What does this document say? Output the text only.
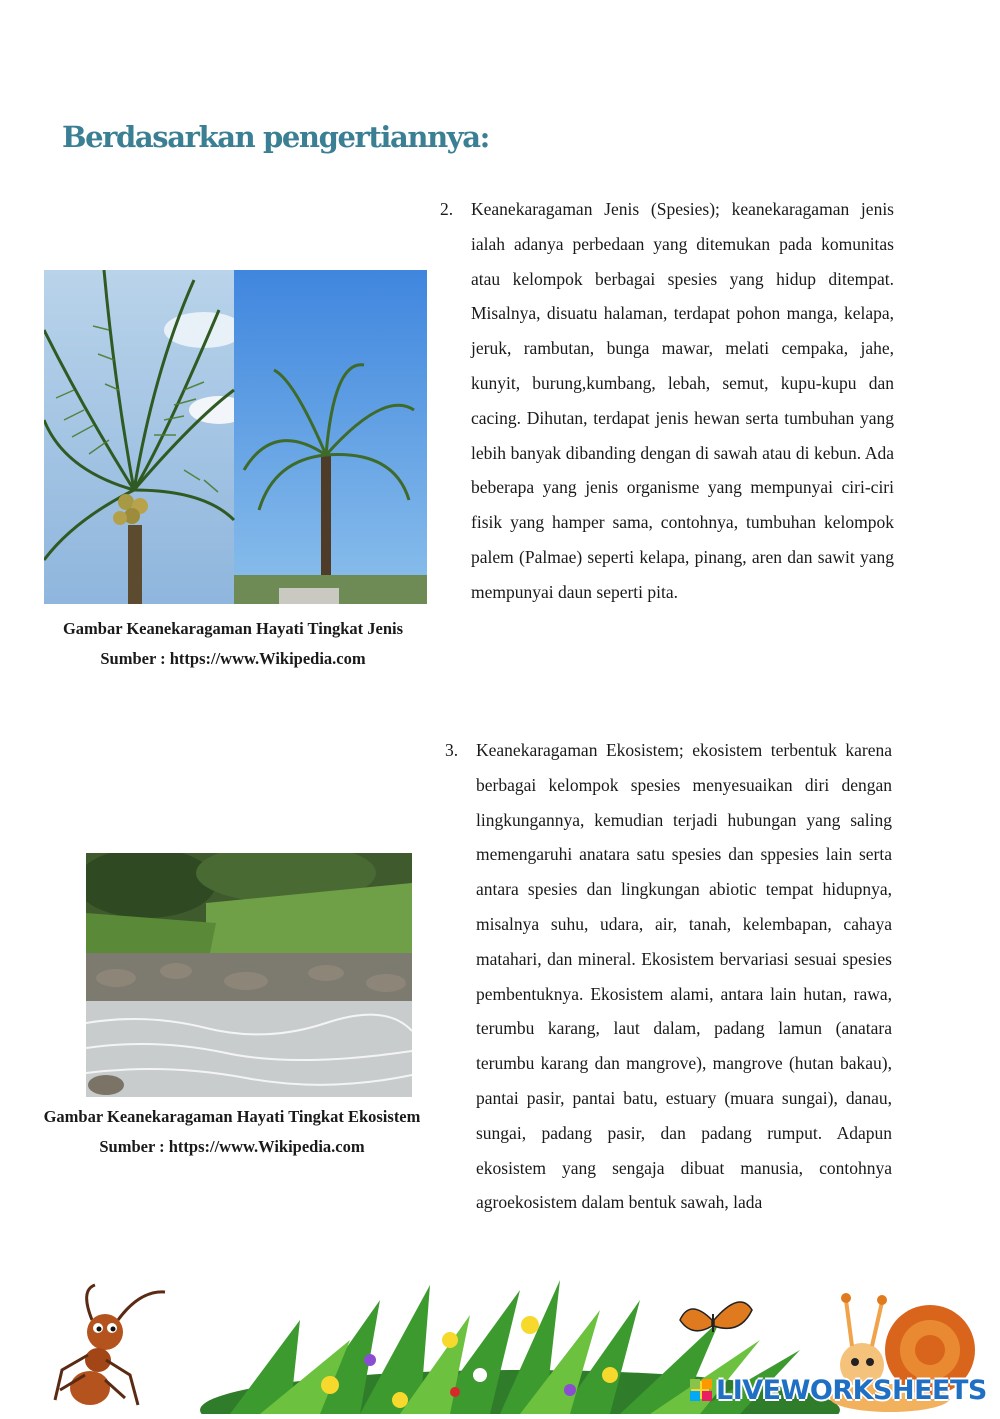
Berdasarkan pengertiannya:
2. Keanekaragaman Jenis (Spesies); keanekaragaman jenis ialah adanya perbedaan yang ditemukan pada komunitas atau kelompok berbagai spesies yang hidup ditempat. Misalnya, disuatu halaman, terdapat pohon manga, kelapa, jeruk, rambutan, bunga mawar, melati cempaka, jahe, kunyit, burung,kumbang, lebah, semut, kupu-kupu dan cacing. Dihutan, terdapat jenis hewan serta tumbuhan yang lebih banyak dibanding dengan di sawah atau di kebun. Ada beberapa yang jenis organisme yang mempunyai ciri-ciri fisik yang hamper sama, contohnya, tumbuhan kelompok palem (Palmae) seperti kelapa, pinang, aren dan sawit yang mempunyai daun seperti pita.

Gambar Keanekaragaman Hayati Tingkat Jenis
Sumber : https://www.Wikipedia.com
3. Keanekaragaman Ekosistem; ekosistem terbentuk karena berbagai kelompok spesies menyesuaikan diri dengan lingkungannya, kemudian terjadi hubungan yang saling memengaruhi anatara satu spesies dan sppesies lain serta antara spesies dan lingkungan abiotic tempat hidupnya, misalnya suhu, udara, air, tanah, kelembapan, cahaya matahari, dan mineral. Ekosistem bervariasi sesuai spesies pembentuknya. Ekosistem alami, antara lain hutan, rawa, terumbu karang, laut dalam, padang lamun (anatara terumbu karang dan mangrove), mangrove (hutan bakau), pantai pasir, pantai batu, estuary (muara sungai), danau, sungai, padang pasir, dan padang rumput. Adapun ekosistem yang sengaja dibuat manusia, contohnya agroekosistem dalam bentuk sawah, lada

Gambar Keanekaragaman Hayati Tingkat Ekosistem
Sumber : https://www.Wikipedia.com
LIVEWORKSHEETS
